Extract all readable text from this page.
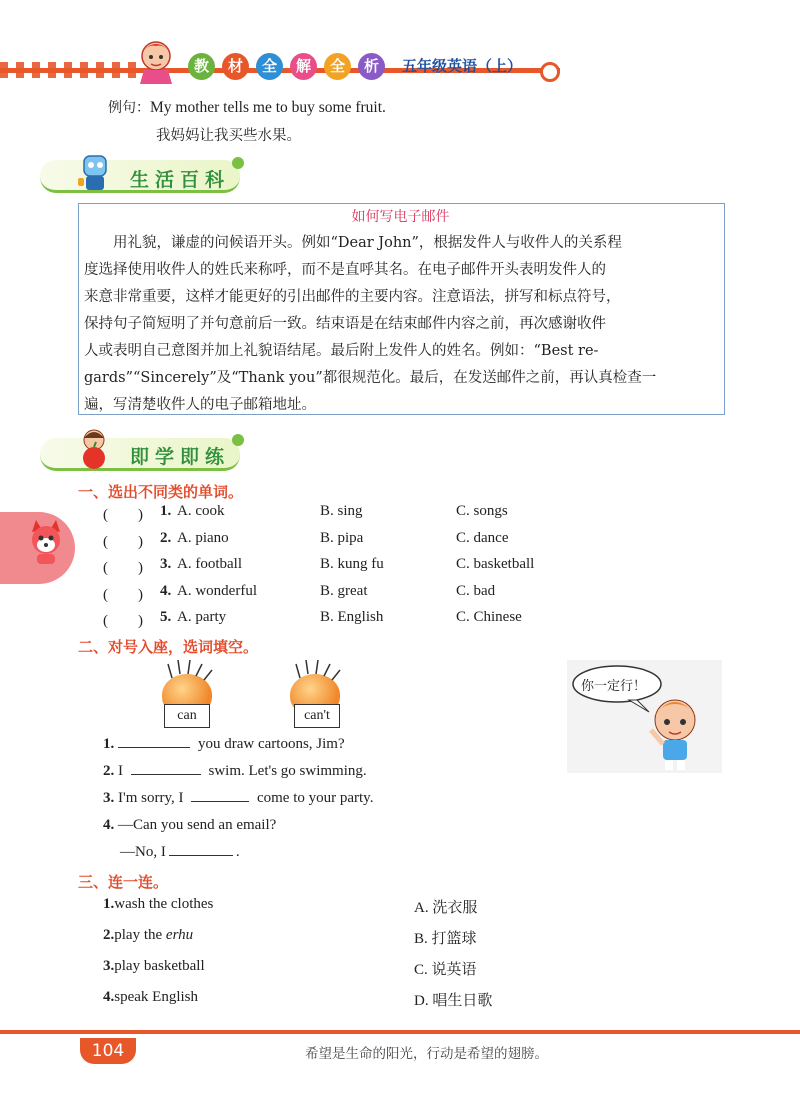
教	材	全	解	全	析	五年级英语（上）
例句：My mother tells me to buy some fruit.
我妈妈让我买些水果。
生活百科
如何写电子邮件
　　用礼貌，谦虚的问候语开头。例如“Dear John”，根据发件人与收件人的关系程
度选择使用收件人的姓氏来称呼，而不是直呼其名。在电子邮件开头表明发件人的
来意非常重要，这样才能更好的引出邮件的主要内容。注意语法，拼写和标点符号，
保持句子简短明了并句意前后一致。结束语是在结束邮件内容之前，再次感谢收件
人或表明自己意图并加上礼貌语结尾。最后附上发件人的姓名。例如：“Best re-
gards”“Sincerely”及“Thank you”都很规范化。最后，在发送邮件之前，再认真检查一
遍，写清楚收件人的电子邮箱地址。
即学即练
一、选出不同类的单词。
(　　) 1. A. cook	B. sing	C. songs
(　　) 2. A. piano	B. pipa	C. dance
(　　) 3. A. football	B. kung fu	C. basketball
(　　) 4. A. wonderful	B. great	C. bad
(　　) 5. A. party	B. English	C. Chinese
二、对号入座，选词填空。
can	can't
你一定行！
1.	you draw cartoons, Jim?
2. I	swim. Let's go swimming.
3. I'm sorry, I	come to your party.
4. —Can you send an email?
—No, I	.
三、连一连。
1.wash the clothes	A. 洗衣服
2.play the erhu	B. 打篮球
3.play basketball	C. 说英语
4.speak English	D. 唱生日歌
104	希望是生命的阳光，行动是希望的翅膀。
